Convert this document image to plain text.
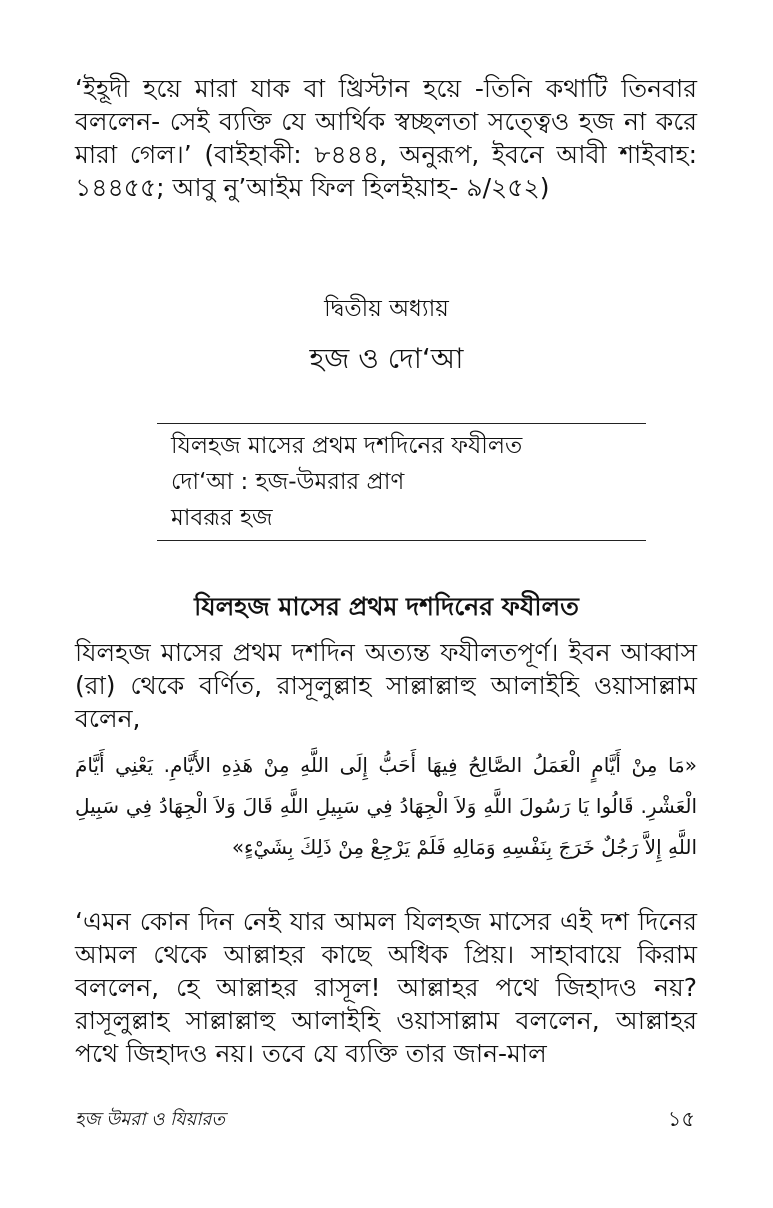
‘ইহূদী হয়ে মারা যাক বা খ্রিস্টান হয়ে -তিনি কথাটি তিনবার বললেন- সেই ব্যক্তি যে আর্থিক স্বচ্ছলতা সত্ত্বেও হজ না করে মারা গেল।’ (বাইহাকী: ৮৪৪৪, অনুরূপ, ইবনে আবী শাইবাহ: ১৪৪৫৫; আবু নু’আইম ফিল হিলইয়াহ- ৯/২৫২)

দ্বিতীয় অধ্যায়

হজ ও দো‘আ
যিলহজ মাসের প্রথম দশদিনের ফযীলত
দো‘আ : হজ-উমরার প্রাণ
মাবরূর হজ
যিলহজ মাসের প্রথম দশদিনের ফযীলত

যিলহজ মাসের প্রথম দশদিন অত্যন্ত ফযীলতপূর্ণ। ইবন আব্বাস (রা) থেকে বর্ণিত, রাসূলুল্লাহ সাল্লাল্লাহু আলাইহি ওয়াসাল্লাম বলেন,

«مَا مِنْ أَيَّامٍ الْعَمَلُ الصَّالِحُ فِيهَا أَحَبُّ إِلَى اللَّهِ مِنْ هَذِهِ الأَيَّامِ. يَعْنِي أَيَّامَ الْعَشْرِ. قَالُوا يَا رَسُولَ اللَّهِ وَلاَ الْجِهَادُ فِي سَبِيلِ اللَّهِ قَالَ وَلاَ الْجِهَادُ فِي سَبِيلِ اللَّهِ إِلاَّ رَجُلٌ خَرَجَ بِنَفْسِهِ وَمَالِهِ فَلَمْ يَرْجِعْ مِنْ ذَلِكَ بِشَيْءٍ»

‘এমন কোন দিন নেই যার আমল যিলহজ মাসের এই দশ দিনের আমল থেকে আল্লাহর কাছে অধিক প্রিয়। সাহাবায়ে কিরাম বললেন, হে আল্লাহর রাসূল! আল্লাহর পথে জিহাদও নয়? রাসূলুল্লাহ সাল্লাল্লাহু আলাইহি ওয়াসাল্লাম বললেন, আল্লাহর পথে জিহাদও নয়। তবে যে ব্যক্তি তার জান-মাল

হজ উমরা ও যিয়ারত	১৫
